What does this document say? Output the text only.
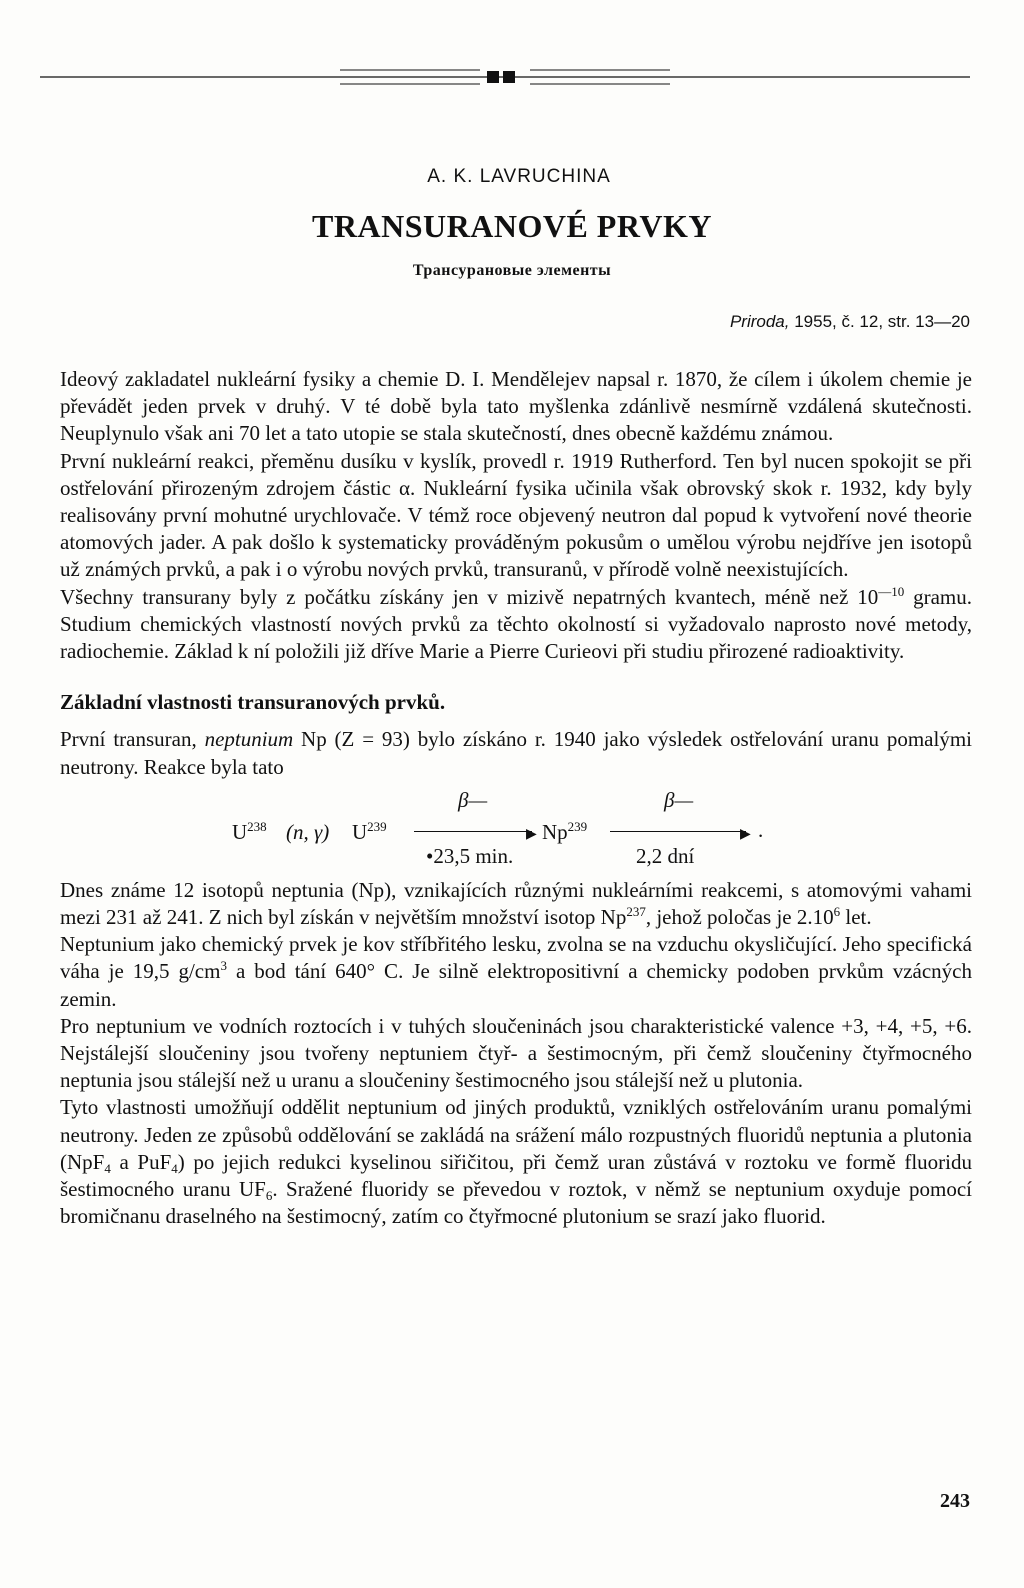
A. K. LAVRUCHINA
TRANSURANOVÉ PRVKY
Трансурановые элементы
Priroda, 1955, č. 12, str. 13—20

Ideový zakladatel nukleární fysiky a chemie D. I. Mendělejev napsal r. 1870, že cílem i úkolem chemie je převádět jeden prvek v druhý. V té době byla tato myšlenka zdánlivě nesmírně vzdálená skutečnosti. Neuplynulo však ani 70 let a tato utopie se stala skutečností, dnes obecně každému známou.

První nukleární reakci, přeměnu dusíku v kyslík, provedl r. 1919 Rutherford. Ten byl nucen spokojit se při ostřelování přirozeným zdrojem částic α. Nukleární fysika učinila však obrovský skok r. 1932, kdy byly realisovány první mohutné urychlovače. V témž roce objevený neutron dal popud k vytvoření nové theorie atomových jader. A pak došlo k systematicky prováděným pokusům o umělou výrobu nejdříve jen isotopů už známých prvků, a pak i o výrobu nových prvků, transuranů, v přírodě volně neexistujících.

Všechny transurany byly z počátku získány jen v mizivě nepatrných kvantech, méně než $10^{—10}$ gramu. Studium chemických vlastností nových prvků za těchto okolností si vyžadovalo naprosto nové metody, radiochemie. Základ k ní položili již dříve Marie a Pierre Curieovi při studiu přirozené radioaktivity.

Základní vlastnosti transuranových prvků.

První transuran, neptunium Np (Z = 93) bylo získáno r. 1940 jako výsledek ostřelování uranu pomalými neutrony. Reakce byla tato

$U^{238}$ (n, γ) $U^{239}$
β—
▶
•23,5 min.
Np$^{239}$
β—
▶ .
2,2 dní

Dnes známe 12 isotopů neptunia (Np), vznikajících různými nukleárními reakcemi, s atomovými vahami mezi 231 až 241. Z nich byl získán v největším množství isotop Np$^{237}$, jehož poločas je 2.10$^6$ let.

Neptunium jako chemický prvek je kov stříbřitého lesku, zvolna se na vzduchu okysličující. Jeho specifická váha je 19,5 $g/cm^3$ a bod tání 640° C. Je silně elektropositivní a chemicky podoben prvkům vzácných zemin.

Pro neptunium ve vodních roztocích i v tuhých sloučeninách jsou charakteristické valence +3, +4, +5, +6. Nejstálejší sloučeniny jsou tvořeny neptuniem čtyř- a šestimocným, při čemž sloučeniny čtyřmocného neptunia jsou stálejší než u uranu a sloučeniny šestimocného jsou stálejší než u plutonia.

Tyto vlastnosti umožňují oddělit neptunium od jiných produktů, vzniklých ostřelováním uranu pomalými neutrony. Jeden ze způsobů oddělování se zakládá na srážení málo rozpustných fluoridů neptunia a plutonia (NpF$_4$ a PuF$_4$) po jejich redukci kyselinou siřičitou, při čemž uran zůstává v roztoku ve formě fluoridu šestimocného uranu $UF_6$. Sražené fluoridy se převedou v roztok, v němž se neptunium oxyduje pomocí bromičnanu draselného na šestimocný, zatím co čtyřmocné plutonium se srazí jako fluorid.

243
